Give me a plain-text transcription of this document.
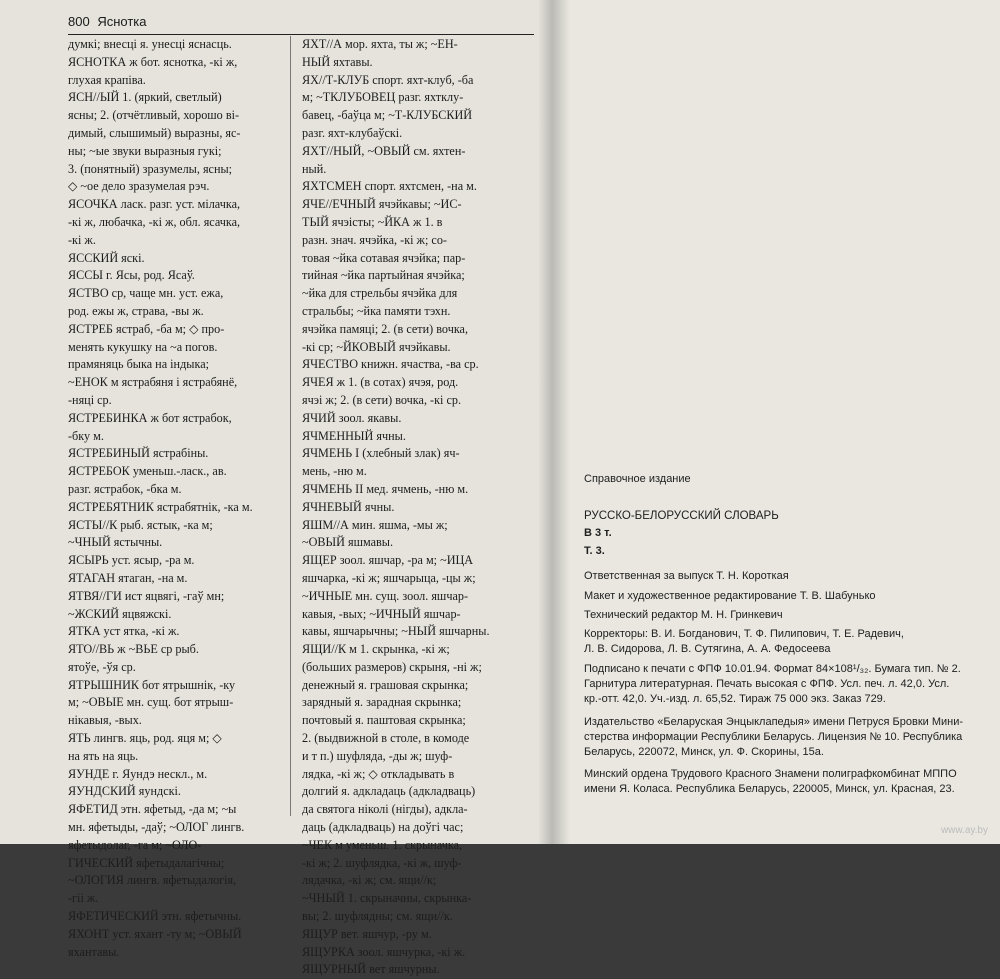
800 Яснотка
думкі; внесці я. унесці яснасць.
ЯСНОТКА ж бот. яснотка, -кі ж,
глухая крапіва.
ЯСН//ЫЙ 1. (яркий, светлый)
ясны; 2. (отчётливый, хорошо ві-
димый, слышимый) выразны, яс-
ны; ~ые звуки выразныя гукі;
3. (понятный) зразумелы, ясны;
◇ ~ое дело зразумелая рэч.
ЯСОЧКА ласк. разг. уст. мілачка,
-кі ж, любачка, -кі ж, обл. ясачка,
-кі ж.
ЯССКИЙ яскі.
ЯССЫ г. Ясы, род. Ясаў.
ЯСТВО ср, чаще мн. уст. ежа,
род. ежы ж, страва, -вы ж.
ЯСТРЕБ ястраб, -ба м; ◇ про-
менять кукушку на ~а погов.
прамяняць быка на індыка;
~ЕНОК м ястрабяня і ястрабянё,
-няці ср.
ЯСТРЕБИНКА ж бот ястрабок,
-бку м.
ЯСТРЕБИНЫЙ ястрабіны.
ЯСТРЕБОК уменьш.-ласк., ав.
разг. ястрабок, -бка м.
ЯСТРЕБЯТНИК ястрабятнік, -ка м.
ЯСТЫ//К рыб. ястык, -ка м;
~ЧНЫЙ ястычны.
ЯСЫРЬ уст. ясыр, -ра м.
ЯТАГАН ятаган, -на м.
ЯТВЯ//ГИ ист яцвягі, -гаў мн;
~ЖСКИЙ яцвяжскі.
ЯТКА уст ятка, -кі ж.
ЯТО//ВЬ ж ~ВЬЕ ср рыб.
ятоўе, -ўя ср.
ЯТРЫШНИК бот ятрышнік, -ку
м; ~ОВЫЕ мн. сущ. бот ятрыш-
нікавыя, -вых.
ЯТЬ лингв. яць, род. яця м; ◇
на ять на яць.
ЯУНДЕ г. Яундэ нескл., м.
ЯУНДСКИЙ яундскі.
ЯФЕТИД этн. яфетыд, -да м; ~ы
мн. яфетыды, -даў; ~ОЛОГ лингв.
яфетыдолаг, -га м; ~ОЛО-
ГИЧЕСКИЙ яфетыдалагічны;
~ОЛОГИЯ лингв. яфетыдалогія,
-гіі ж.
ЯФЕТИЧЕСКИЙ этн. яфетычны.
ЯХОНТ уст. яхант -ту м; ~ОВЫЙ
яхантавы.
ЯХТ//А мор. яхта, ты ж; ~ЕН-
НЫЙ яхтавы.
ЯХ//Т-КЛУБ спорт. яхт-клуб, -ба
м; ~ТКЛУБОВЕЦ разг. яхтклу-
бавец, -баўца м; ~Т-КЛУБСКИЙ
разг. яхт-клубаўскі.
ЯХТ//НЫЙ, ~ОВЫЙ см. яхтен-
ный.
ЯХТСМЕН спорт. яхтсмен, -на м.
ЯЧЕ//ЕЧНЫЙ ячэйкавы; ~ИС-
ТЫЙ ячэісты; ~ЙКА ж 1. в
разн. знач. ячэйка, -кі ж; со-
товая ~йка сотавая ячэйка; пар-
тийная ~йка партыйная ячэйка;
~йка для стрельбы ячэйка для
стральбы; ~йка памяти тэхн.
ячэйка памяці; 2. (в сети) вочка,
-кі ср; ~ЙКОВЫЙ ячэйкавы.
ЯЧЕСТВО книжн. ячаства, -ва ср.
ЯЧЕЯ ж 1. (в сотах) ячэя, род.
ячэі ж; 2. (в сети) вочка, -кі ср.
ЯЧИЙ зоол. якавы.
ЯЧМЕННЫЙ ячны.
ЯЧМЕНЬ I (хлебный злак) яч-
мень, -ню м.
ЯЧМЕНЬ II мед. ячмень, -ню м.
ЯЧНЕВЫЙ ячны.
ЯШМ//А мин. яшма, -мы ж;
~ОВЫЙ яшмавы.
ЯЩЕР зоол. яшчар, -ра м; ~ИЦА
яшчарка, -кі ж; яшчарыца, -цы ж;
~ИЧНЫЕ мн. сущ. зоол. яшчар-
кавыя, -вых; ~ИЧНЫЙ яшчар-
кавы, яшчарычны; ~НЫЙ яшчарны.
ЯЩИ//К м 1. скрынка, -кі ж;
(больших размеров) скрыня, -ні ж;
денежный я. грашовая скрынка;
зарядный я. зарадная скрынка;
почтовый я. паштовая скрынка;
2. (выдвижной в столе, в комоде
и т п.) шуфлядa, -ды ж; шуф-
лядка, -кі ж; ◇ откладывать в
долгий я. адкладаць (адкладваць)
да святога ніколі (нігды), адкла-
даць (адкладваць) на доўгі час;
~ЧЕК м уменьш. 1. скрыначка,
-кі ж; 2. шуфлядка, -кі ж, шуф-
лядачка, -кі ж; см. ящи//к;
~ЧНЫЙ 1. скрыначны, скрынка-
вы; 2. шуфлядны; см. ящи//к.
ЯЩУР вет. яшчур, -ру м.
ЯЩУРКА зоол. яшчурка, -кі ж.
ЯЩУРНЫЙ вет яшчурны.
Справочное издание
РУССКО-БЕЛОРУССКИЙ СЛОВАРЬ
В 3 т.
Т. 3.
Ответственная за выпуск Т. Н. Короткая
Макет и художественное редактирование Т. В. Шабунько
Технический редактор М. Н. Гринкевич
Корректоры: В. И. Богданович, Т. Ф. Пилипович, Т. Е. Радевич,
Л. В. Сидорова, Л. В. Сутягина, А. А. Федосеева
Подписано к печати с ФПФ 10.01.94. Формат 84×108¹/₃₂. Бумага тип. № 2.
Гарнитура литературная. Печать высокая с ФПФ. Усл. печ. л. 42,0. Усл.
кр.-отт. 42,0. Уч.-изд. л. 65,52. Тираж 75 000 экз. Заказ 729.
Издательство «Беларуская Энцыклапедыя» имени Петруся Бровки Мини-
стерства информации Республики Беларусь. Лицензия № 10. Республика
Беларусь, 220072, Минск, ул. Ф. Скорины, 15а.
Минский ордена Трудового Красного Знамени полиграфкомбинат МППО
имени Я. Коласа. Республика Беларусь, 220005, Минск, ул. Красная, 23.
www.ay.by
